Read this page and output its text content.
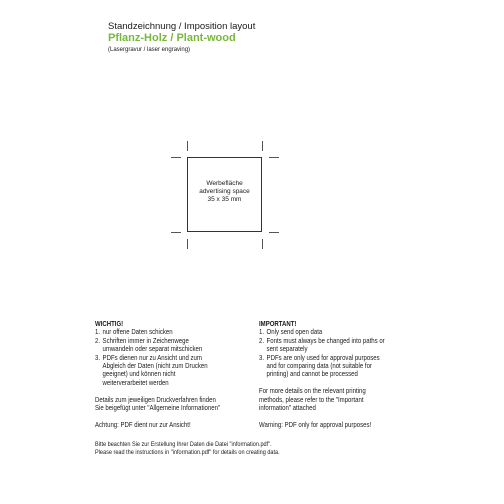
Standzeichnung / Imposition layout
Pflanz-Holz / Plant-wood
(Lasergravur / laser engraving)
Werbefläche
advertising space
35 x 35 mm
WICHTIG!
1. nur offene Daten schicken
2. Schriften immer in Zeichenwege umwandeln oder separat mitschicken
3. PDFs dienen nur zu Ansicht und zum Abgleich der Daten (nicht zum Drucken geeignet) und können nicht weiterverarbeitet werden
Details zum jeweiligen Druckverfahren finden Sie beigefügt unter "Allgemeine Informationen"
Achtung: PDF dient nur zur Ansicht!
IMPORTANT!
1. Only send open data
2. Fonts must always be changed into paths or sent separately
3. PDFs are only used for approval purposes and for comparing data (not suitable for printing) and cannot be processed
For more details on the relevant printing methods, please refer to the "Important information" attached
Warning: PDF only for approval purposes!
Bitte beachten Sie zur Erstellung Ihrer Daten die Datei "information.pdf".
Please read the instructions in "information.pdf" for details on creating data.
